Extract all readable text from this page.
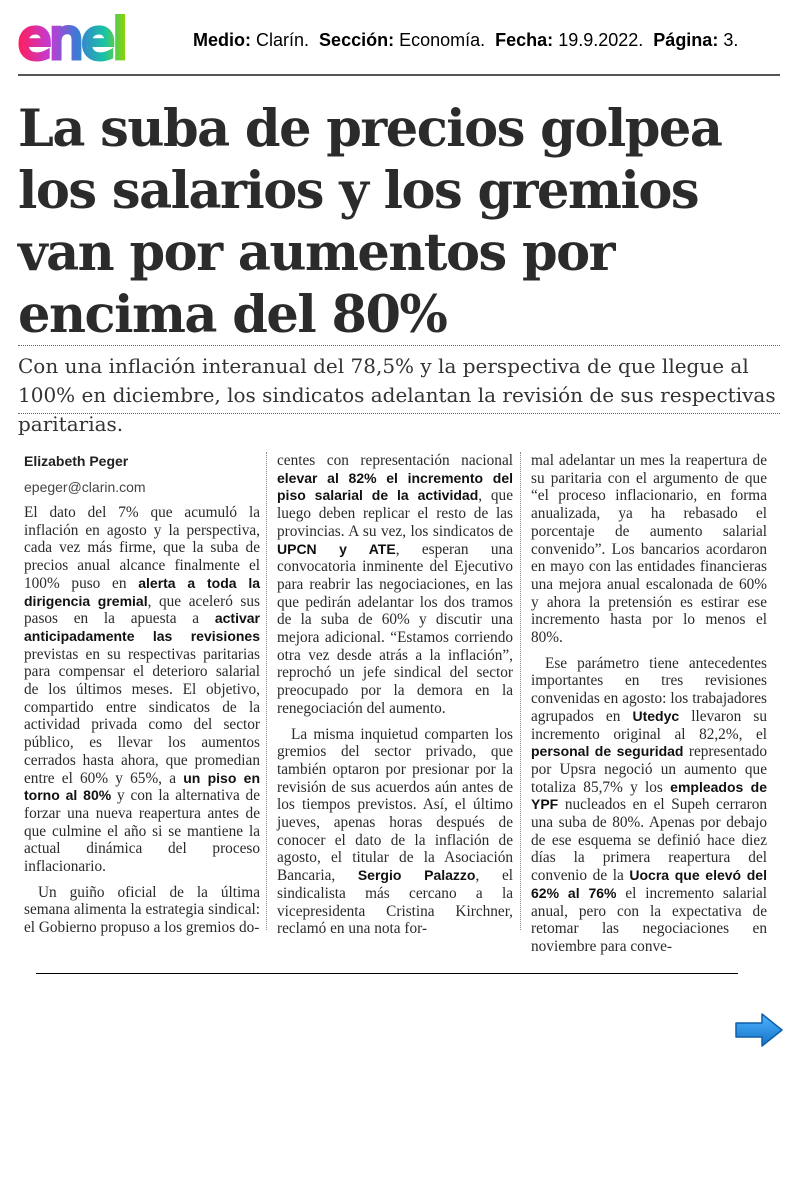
enel	Medio: Clarín. Sección: Economía. Fecha: 19.9.2022. Página: 3.
La suba de precios golpea los salarios y los gremios van por aumentos por encima del 80%
Con una inflación interanual del 78,5% y la perspectiva de que llegue al 100% en diciembre, los sindicatos adelantan la revisión de sus respectivas paritarias.

Elizabeth Peger

epeger@clarin.com

El dato del 7% que acumuló la inflación en agosto y la perspectiva, cada vez más firme, que la suba de precios anual alcance finalmente el 100% puso en alerta a toda la dirigencia gremial, que aceleró sus pasos en la apuesta a activar anticipadamente las revisiones previstas en su respectivas paritarias para compensar el deterioro salarial de los últimos meses. El objetivo, compartido entre sindicatos de la actividad privada como del sector público, es llevar los aumentos cerrados hasta ahora, que promedian entre el 60% y 65%, a un piso en torno al 80% y con la alternativa de forzar una nueva reapertura antes de que culmine el año si se mantiene la actual dinámica del proceso inflacionario.

Un guiño oficial de la última semana alimenta la estrategia sindical: el Gobierno propuso a los gremios do-

centes con representación nacional elevar al 82% el incremento del piso salarial de la actividad, que luego deben replicar el resto de las provincias. A su vez, los sindicatos de UPCN y ATE, esperan una convocatoria inminente del Ejecutivo para reabrir las negociaciones, en las que pedirán adelantar los dos tramos de la suba de 60% y discutir una mejora adicional. “Estamos corriendo otra vez desde atrás a la inflación”, reprochó un jefe sindical del sector preocupado por la demora en la renegociación del aumento.

La misma inquietud comparten los gremios del sector privado, que también optaron por presionar por la revisión de sus acuerdos aún antes de los tiempos previstos. Así, el último jueves, apenas horas después de conocer el dato de la inflación de agosto, el titular de la Asociación Bancaria, Sergio Palazzo, el sindicalista más cercano a la vicepresidenta Cristina Kirchner, reclamó en una nota for-

mal adelantar un mes la reapertura de su paritaria con el argumento de que “el proceso inflacionario, en forma anualizada, ya ha rebasado el porcentaje de aumento salarial convenido”. Los bancarios acordaron en mayo con las entidades financieras una mejora anual escalonada de 60% y ahora la pretensión es estirar ese incremento hasta por lo menos el 80%.

Ese parámetro tiene antecedentes importantes en tres revisiones convenidas en agosto: los trabajadores agrupados en Utedyc llevaron su incremento original al 82,2%, el personal de seguridad representado por Upsra negoció un aumento que totaliza 85,7% y los empleados de YPF nucleados en el Supeh cerraron una suba de 80%. Apenas por debajo de ese esquema se definió hace diez días la primera reapertura del convenio de la Uocra que elevó del 62% al 76% el incremento salarial anual, pero con la expectativa de retomar las negociaciones en noviembre para conve-
